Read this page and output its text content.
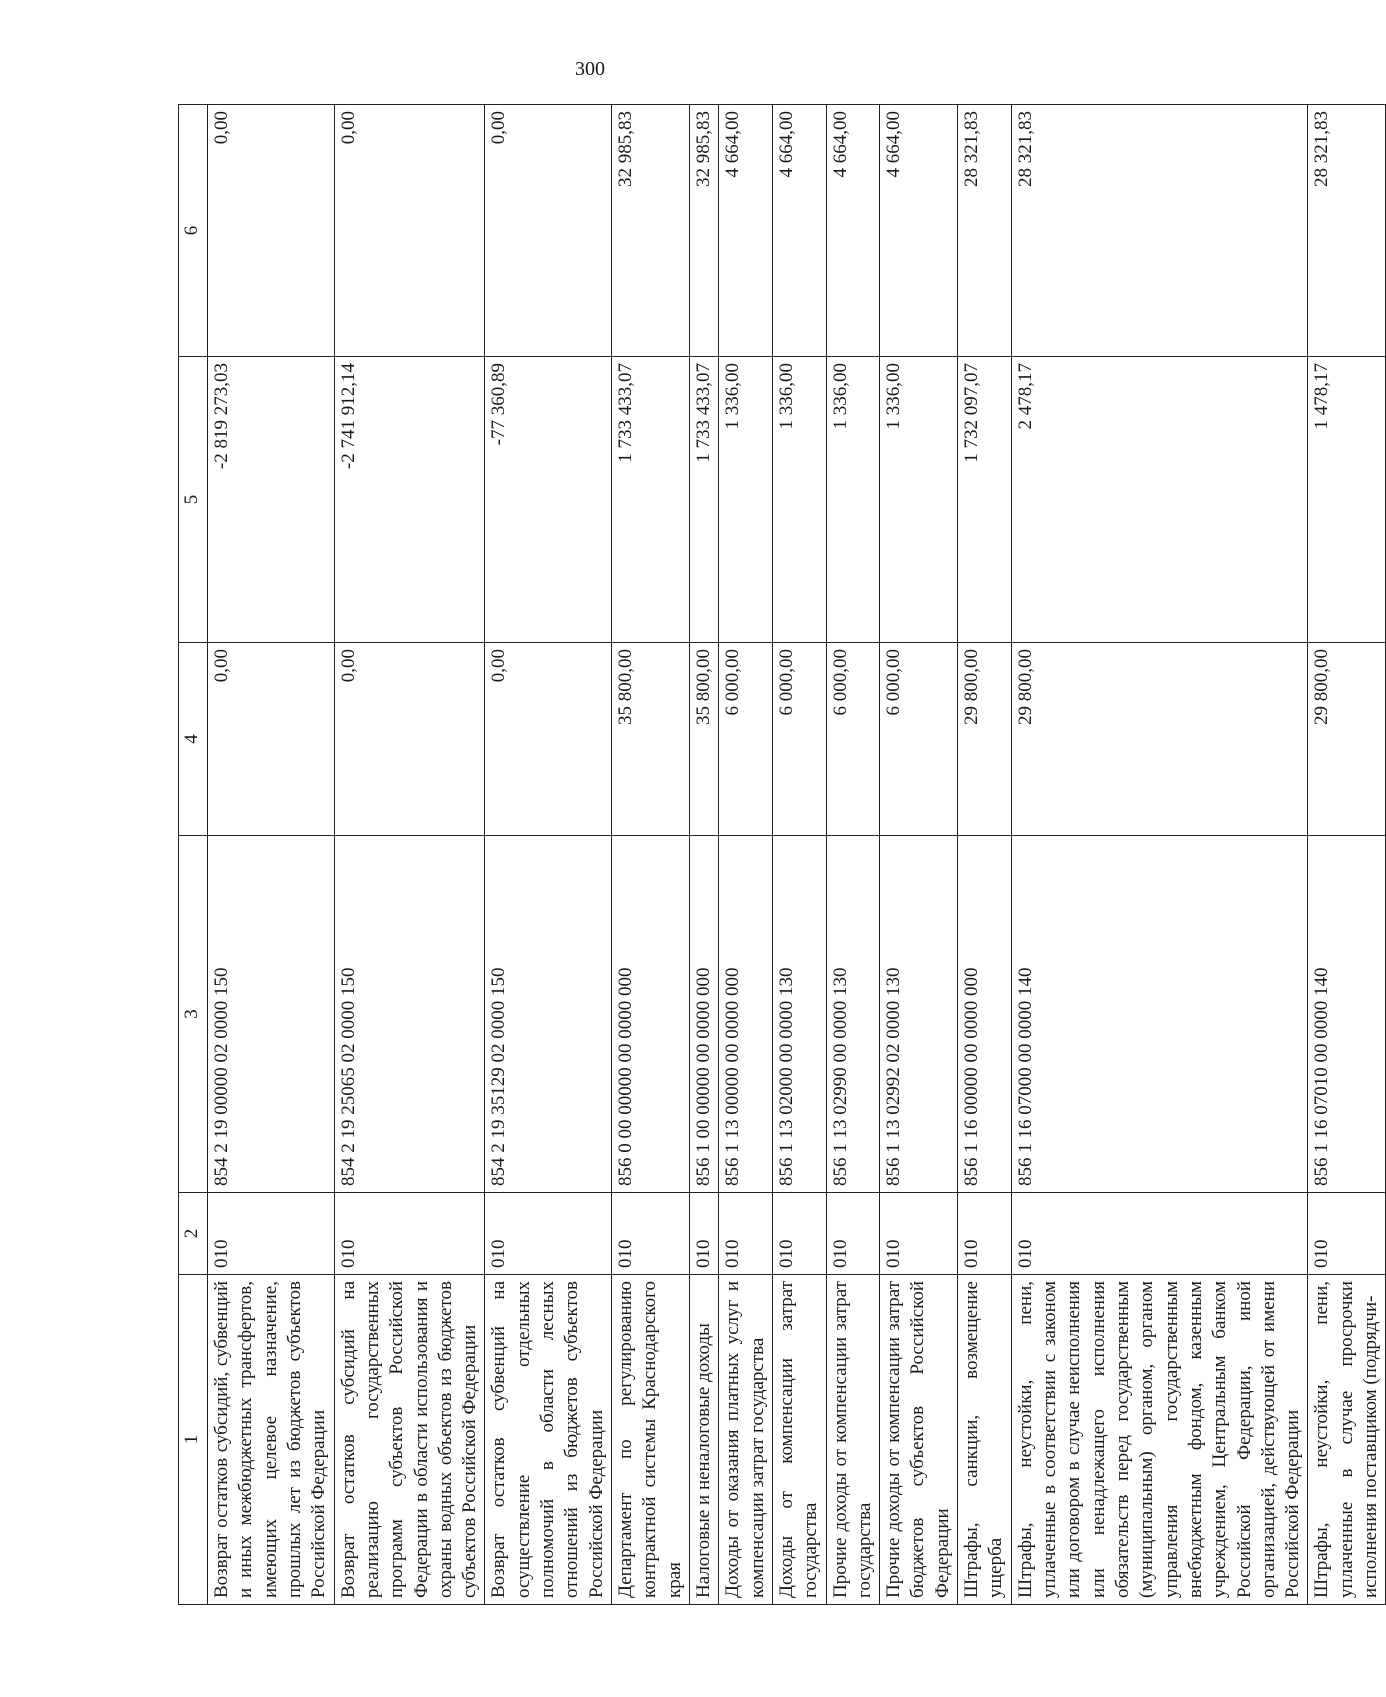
300
1	2	3	4	5	6
Возврат остатков субсидий, субвенций и иных межбюджетных трансфертов, имеющих целевое назначение, прошлых лет из бюджетов субъектов Российской Федерации	010	854 2 19 00000 02 0000 150	0,00	-2 819 273,03	0,00
Возврат остатков субсидий на реализацию государственных программ субъектов Российской Федерации в области использования и охраны водных объектов из бюджетов субъектов Российской Федерации	010	854 2 19 25065 02 0000 150	0,00	-2 741 912,14	0,00
Возврат остатков субвенций на осуществление отдельных полномочий в области лесных отношений из бюджетов субъектов Российской Федерации	010	854 2 19 35129 02 0000 150	0,00	-77 360,89	0,00
Департамент по регулированию контрактной системы Краснодарского края	010	856 0 00 00000 00 0000 000	35 800,00	1 733 433,07	32 985,83
Налоговые и неналоговые доходы	010	856 1 00 00000 00 0000 000	35 800,00	1 733 433,07	32 985,83
Доходы от оказания платных услуг и компенсации затрат государства	010	856 1 13 00000 00 0000 000	6 000,00	1 336,00	4 664,00
Доходы от компенсации затрат государства	010	856 1 13 02000 00 0000 130	6 000,00	1 336,00	4 664,00
Прочие доходы от компенсации затрат государства	010	856 1 13 02990 00 0000 130	6 000,00	1 336,00	4 664,00
Прочие доходы от компенсации затрат бюджетов субъектов Российской Федерации	010	856 1 13 02992 02 0000 130	6 000,00	1 336,00	4 664,00
Штрафы, санкции, возмещение ущерба	010	856 1 16 00000 00 0000 000	29 800,00	1 732 097,07	28 321,83
Штрафы, неустойки, пени, уплаченные в соответствии с законом или договором в случае неисполнения или ненадлежащего исполнения обязательств перед государственным (муниципальным) органом, органом управления государственным внебюджетным фондом, казенным учреждением, Центральным банком Российской Федерации, иной организацией, действующей от имени Российской Федерации	010	856 1 16 07000 00 0000 140	29 800,00	2 478,17	28 321,83
Штрафы, неустойки, пени, уплаченные в случае просрочки исполнения поставщиком (подрядчи-	010	856 1 16 07010 00 0000 140	29 800,00	1 478,17	28 321,83
